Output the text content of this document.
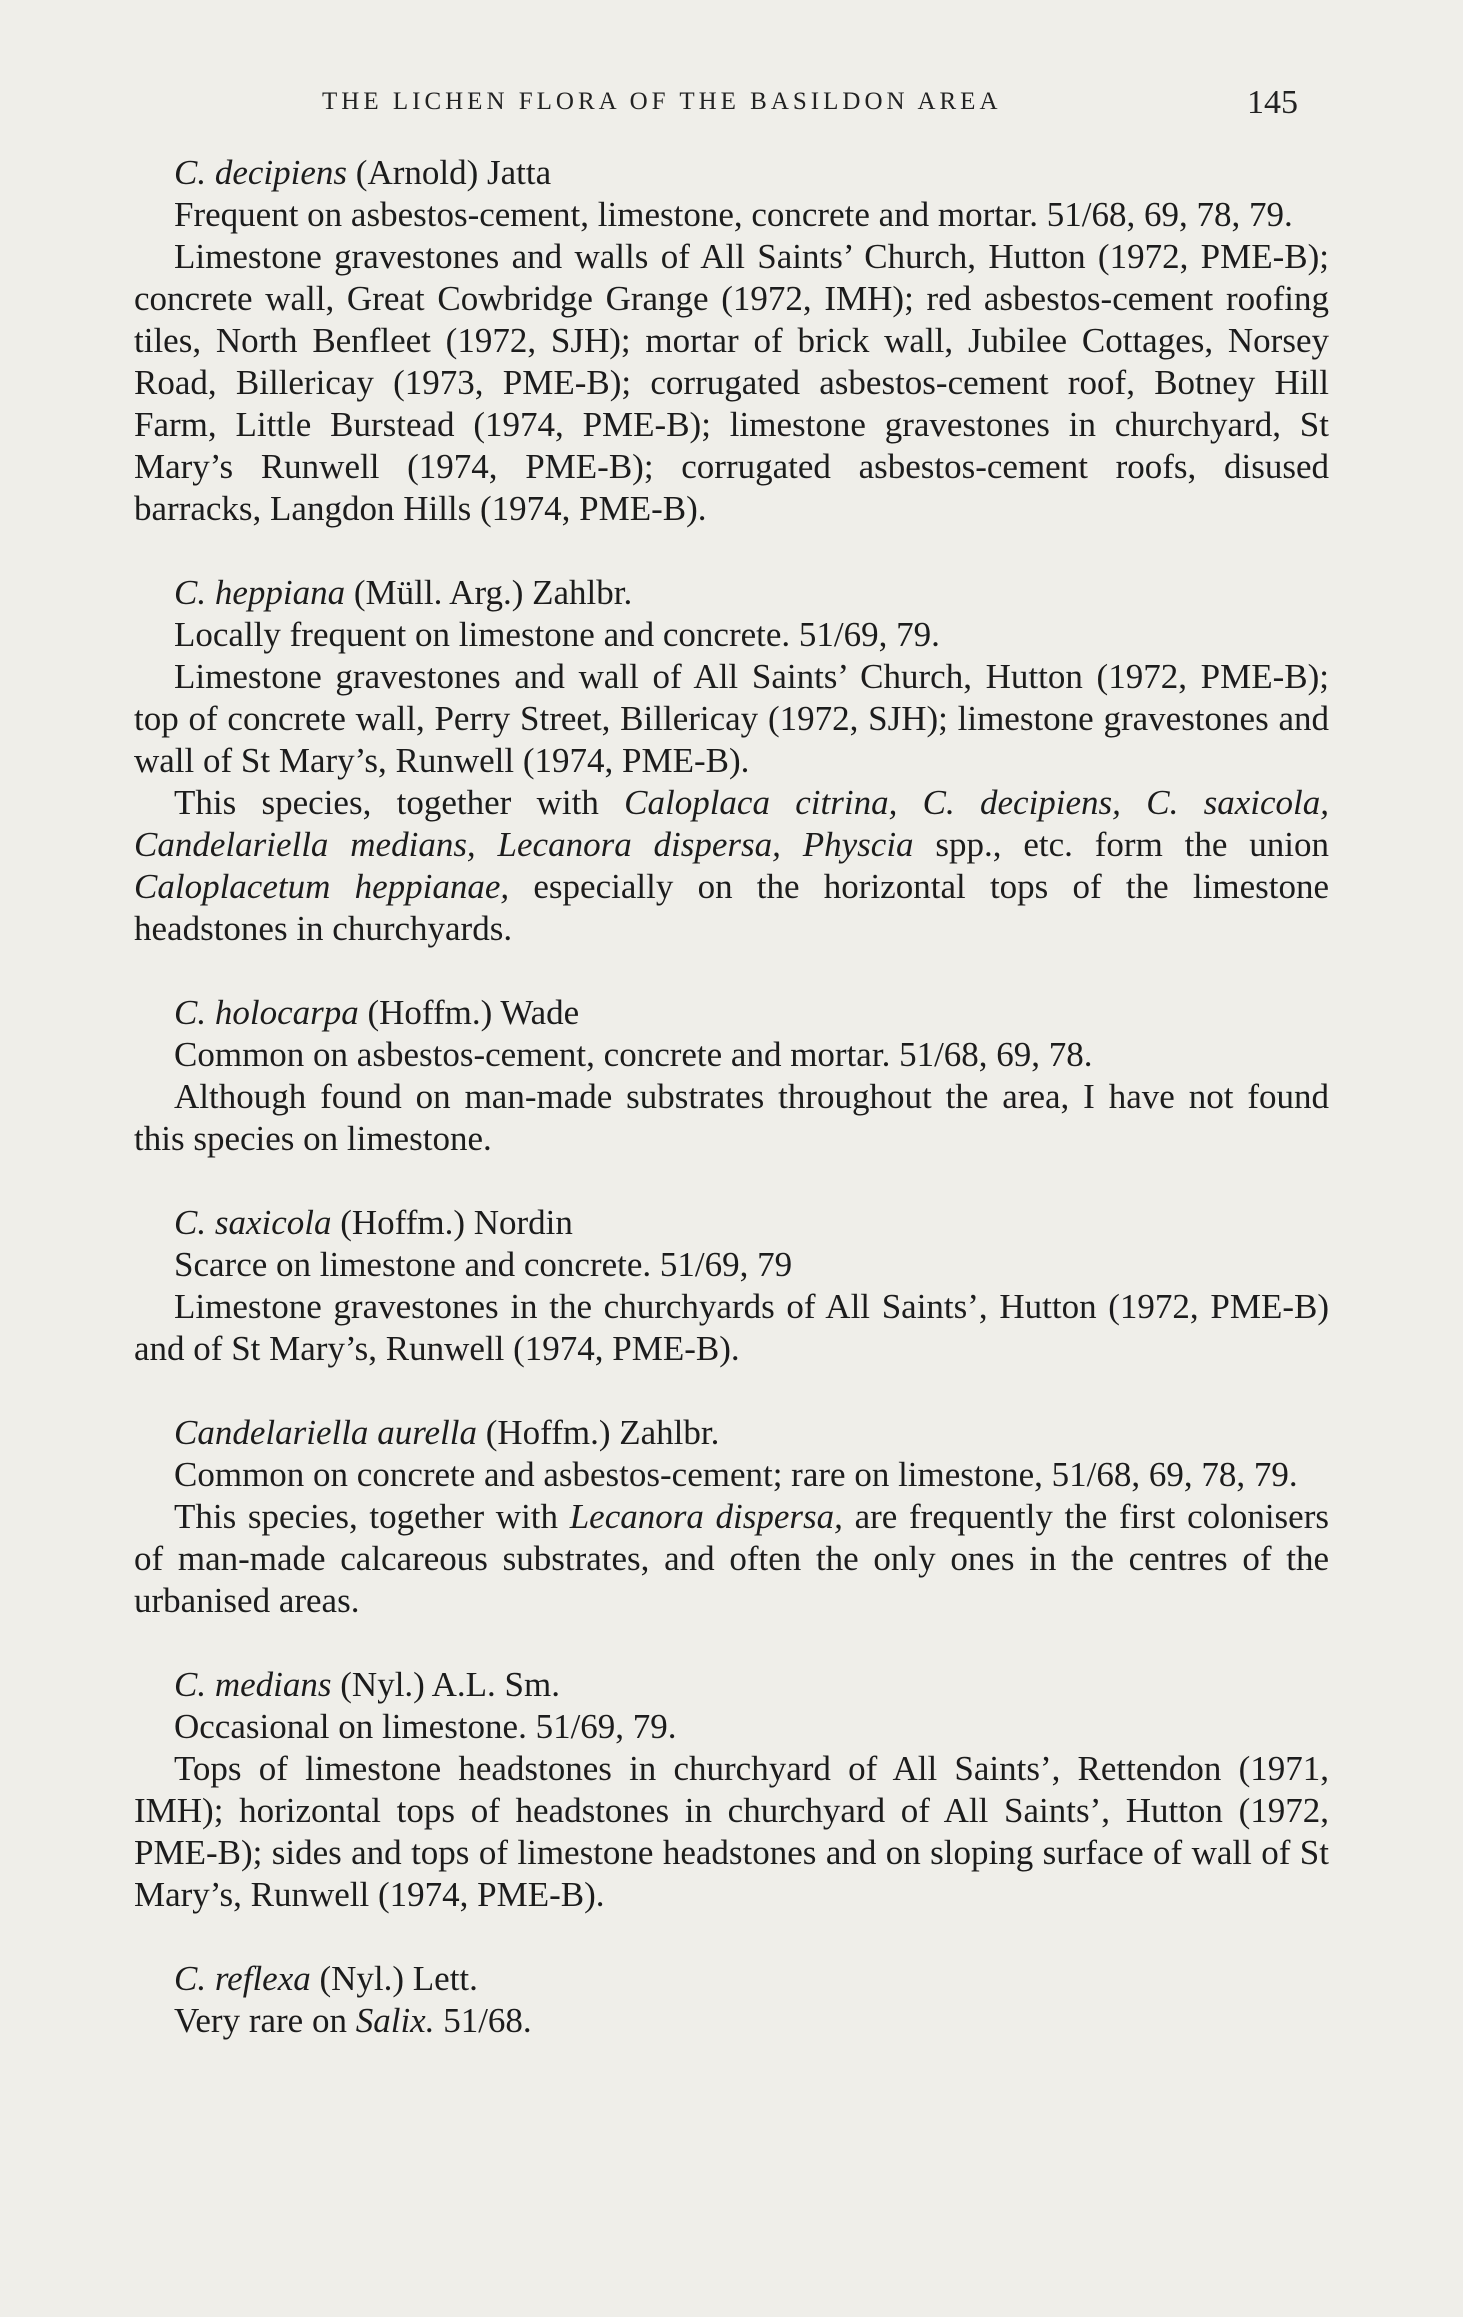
THE LICHEN FLORA OF THE BASILDON AREA	145

C. decipiens (Arnold) Jatta

Frequent on asbestos-cement, limestone, concrete and mortar. 51/68, 69, 78, 79.

Limestone gravestones and walls of All Saints’ Church, Hutton (1972, PME-B); concrete wall, Great Cowbridge Grange (1972, IMH); red asbestos-cement roofing tiles, North Benfleet (1972, SJH); mortar of brick wall, Jubilee Cottages, Norsey Road, Billericay (1973, PME-B); corrugated asbestos-cement roof, Botney Hill Farm, Little Burstead (1974, PME-B); limestone gravestones in churchyard, St Mary’s Runwell (1974, PME-B); corrugated asbestos-cement roofs, disused barracks, Langdon Hills (1974, PME-B).

C. heppiana (Müll. Arg.) Zahlbr.

Locally frequent on limestone and concrete. 51/69, 79.

Limestone gravestones and wall of All Saints’ Church, Hutton (1972, PME-B); top of concrete wall, Perry Street, Billericay (1972, SJH); limestone gravestones and wall of St Mary’s, Runwell (1974, PME-B).

This species, together with Caloplaca citrina, C. decipiens, C. saxicola, Candelariella medians, Lecanora dispersa, Physcia spp., etc. form the union Caloplacetum heppianae, especially on the horizontal tops of the limestone headstones in churchyards.

C. holocarpa (Hoffm.) Wade

Common on asbestos-cement, concrete and mortar. 51/68, 69, 78.

Although found on man-made substrates throughout the area, I have not found this species on limestone.

C. saxicola (Hoffm.) Nordin

Scarce on limestone and concrete. 51/69, 79

Limestone gravestones in the churchyards of All Saints’, Hutton (1972, PME-B) and of St Mary’s, Runwell (1974, PME-B).

Candelariella aurella (Hoffm.) Zahlbr.

Common on concrete and asbestos-cement; rare on limestone, 51/68, 69, 78, 79.

This species, together with Lecanora dispersa, are frequently the first colonisers of man-made calcareous substrates, and often the only ones in the centres of the urbanised areas.

C. medians (Nyl.) A.L. Sm.

Occasional on limestone. 51/69, 79.

Tops of limestone headstones in churchyard of All Saints’, Rettendon (1971, IMH); horizontal tops of headstones in churchyard of All Saints’, Hutton (1972, PME-B); sides and tops of limestone headstones and on sloping surface of wall of St Mary’s, Runwell (1974, PME-B).

C. reflexa (Nyl.) Lett.

Very rare on Salix. 51/68.
